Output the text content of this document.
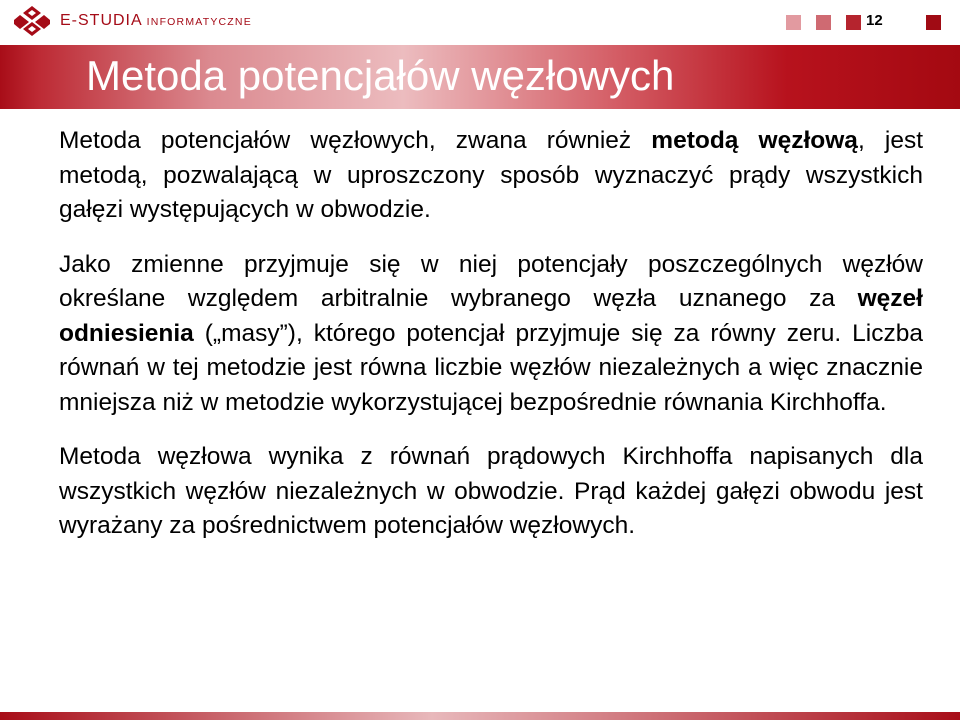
E-STUDIA INFORMATYCZNE	12
Metoda potencjałów węzłowych

Metoda potencjałów węzłowych, zwana również metodą węzłową, jest metodą, pozwalającą w uproszczony sposób wyznaczyć prądy wszystkich gałęzi występujących w obwodzie.

Jako zmienne przyjmuje się w niej potencjały poszczególnych węzłów określane względem arbitralnie wybranego węzła uznanego za węzeł odniesienia („masy”), którego potencjał przyjmuje się za równy zeru. Liczba równań w tej metodzie jest równa liczbie węzłów niezależnych a więc znacznie mniejsza niż w metodzie wykorzystującej bezpośrednie równania Kirchhoffa.

Metoda węzłowa wynika z równań prądowych Kirchhoffa napisanych dla wszystkich węzłów niezależnych w obwodzie. Prąd każdej gałęzi obwodu jest wyrażany za pośrednictwem potencjałów węzłowych.
